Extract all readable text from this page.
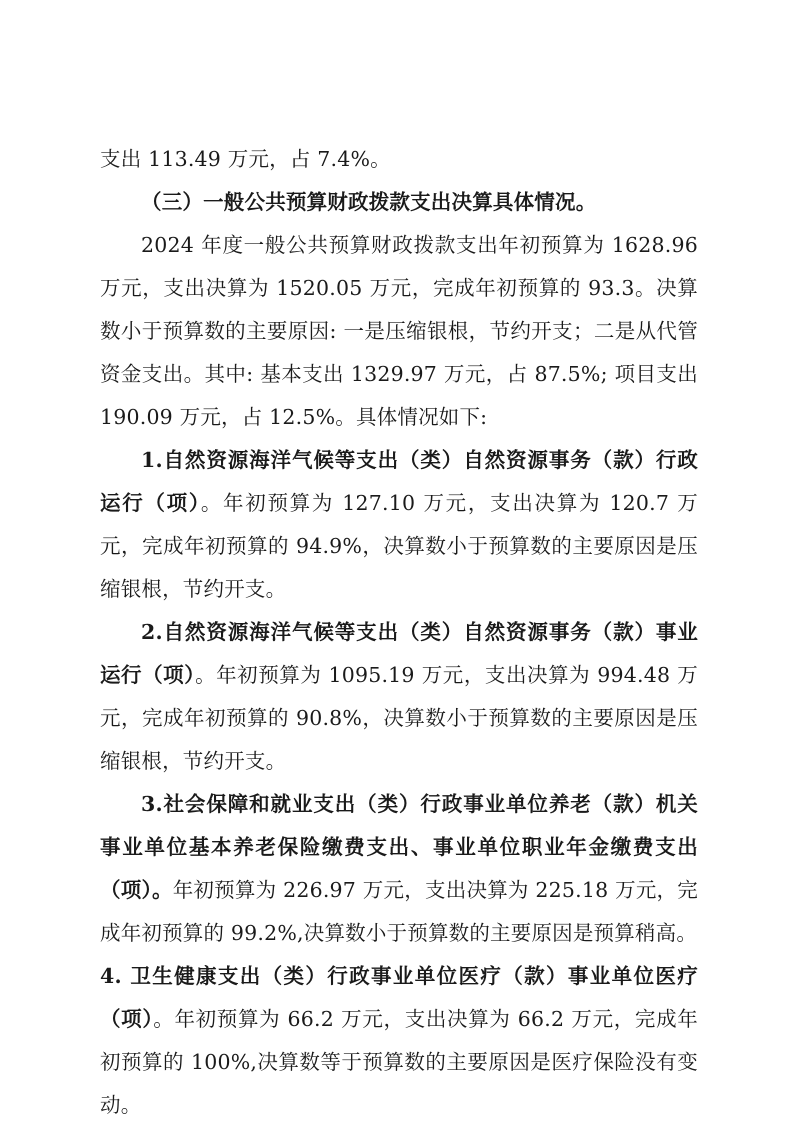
支出 113.49 万元，占 7.4%。

（三）一般公共预算财政拨款支出决算具体情况。

2024 年度一般公共预算财政拨款支出年初预算为 1628.96 万元，支出决算为 1520.05 万元，完成年初预算的 93.3。决算数小于预算数的主要原因: 一是压缩银根，节约开支；二是从代管资金支出。其中: 基本支出 1329.97 万元，占 87.5%; 项目支出 190.09 万元，占 12.5%。具体情况如下:

1.自然资源海洋气候等支出（类）自然资源事务（款）行政运行（项）。年初预算为 127.10 万元，支出决算为 120.7 万元，完成年初预算的 94.9%，决算数小于预算数的主要原因是压缩银根，节约开支。

2.自然资源海洋气候等支出（类）自然资源事务（款）事业运行（项）。年初预算为 1095.19 万元，支出决算为 994.48 万元，完成年初预算的 90.8%，决算数小于预算数的主要原因是压缩银根，节约开支。

3.社会保障和就业支出（类）行政事业单位养老（款）机关事业单位基本养老保险缴费支出、事业单位职业年金缴费支出（项）。年初预算为 226.97 万元，支出决算为 225.18 万元，完成年初预算的 99.2%,决算数小于预算数的主要原因是预算稍高。

4. 卫生健康支出（类）行政事业单位医疗（款）事业单位医疗（项）。年初预算为 66.2 万元，支出决算为 66.2 万元，完成年初预算的 100%,决算数等于预算数的主要原因是医疗保险没有变动。
